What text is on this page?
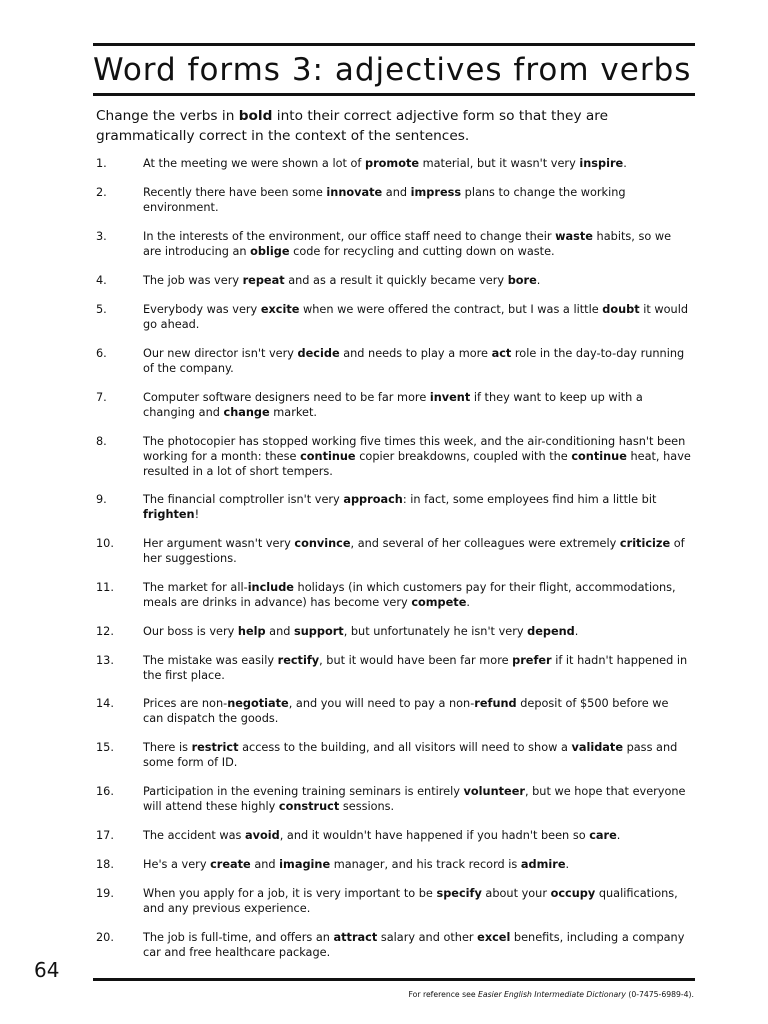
Word forms 3: adjectives from verbs

Change the verbs in bold into their correct adjective form so that they are grammatically correct in the context of the sentences.

1.	At the meeting we were shown a lot of promote material, but it wasn't very inspire.
2.	Recently there have been some innovate and impress plans to change the working environment.
3.	In the interests of the environment, our office staff need to change their waste habits, so we are introducing an oblige code for recycling and cutting down on waste.
4.	The job was very repeat and as a result it quickly became very bore.
5.	Everybody was very excite when we were offered the contract, but I was a little doubt it would go ahead.
6.	Our new director isn't very decide and needs to play a more act role in the day-to-day running of the company.
7.	Computer software designers need to be far more invent if they want to keep up with a changing and change market.
8.	The photocopier has stopped working five times this week, and the air-conditioning hasn't been working for a month: these continue copier breakdowns, coupled with the continue heat, have resulted in a lot of short tempers.
9.	The financial comptroller isn't very approach: in fact, some employees find him a little bit frighten!
10.	Her argument wasn't very convince, and several of her colleagues were extremely criticize of her suggestions.
11.	The market for all-include holidays (in which customers pay for their flight, accommodations, meals are drinks in advance) has become very compete.
12.	Our boss is very help and support, but unfortunately he isn't very depend.
13.	The mistake was easily rectify, but it would have been far more prefer if it hadn't happened in the first place.
14.	Prices are non-negotiate, and you will need to pay a non-refund deposit of $500 before we can dispatch the goods.
15.	There is restrict access to the building, and all visitors will need to show a validate pass and some form of ID.
16.	Participation in the evening training seminars is entirely volunteer, but we hope that everyone will attend these highly construct sessions.
17.	The accident was avoid, and it wouldn't have happened if you hadn't been so care.
18.	He's a very create and imagine manager, and his track record is admire.
19.	When you apply for a job, it is very important to be specify about your occupy qualifications, and any previous experience.
20.	The job is full-time, and offers an attract salary and other excel benefits, including a company car and free healthcare package.
64
For reference see Easier English Intermediate Dictionary (0-7475-6989-4).
